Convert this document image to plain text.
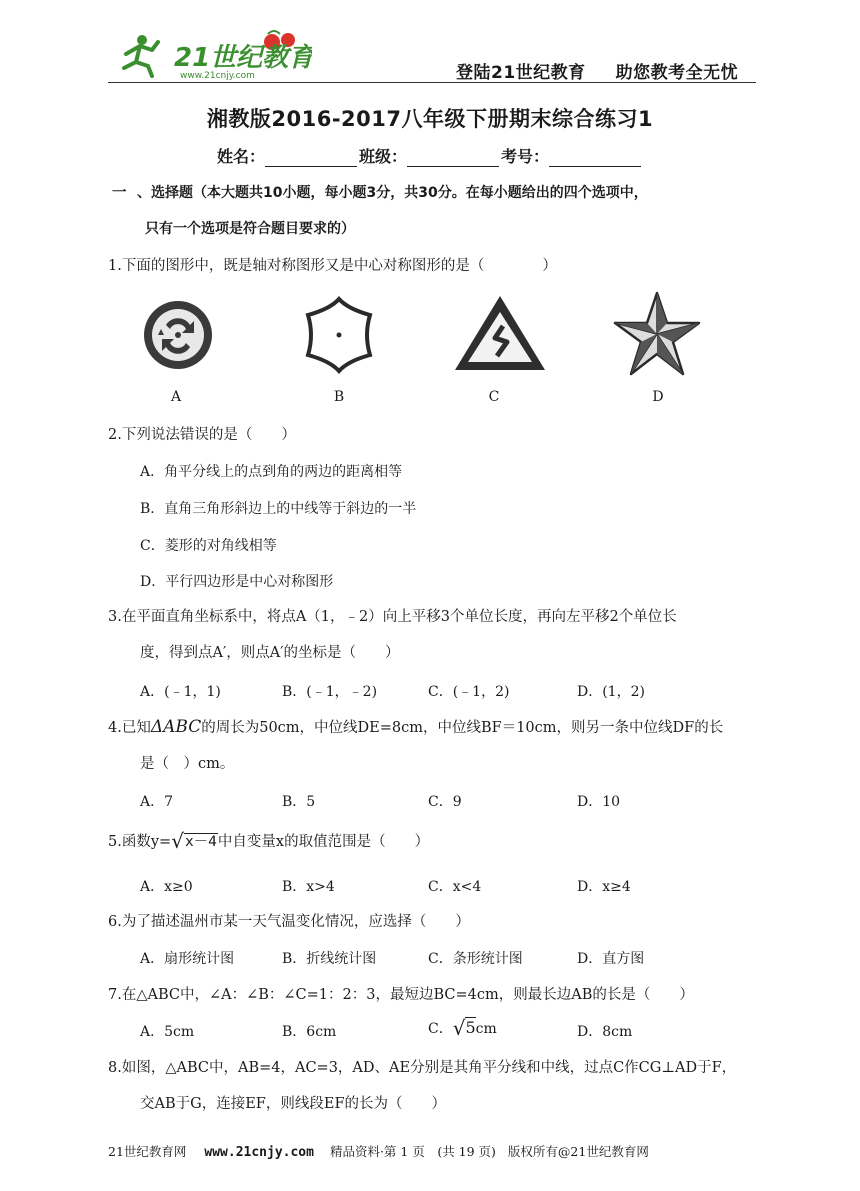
21世纪教育
www.21cnjy.com	登陆21世纪教育 助您教考全无忧
湘教版2016-2017八年级下册期末综合练习1
姓名：	班级：	考号：
一 、选择题（本大题共10小题，每小题3分，共30分。在每小题给出的四个选项中，
只有一个选项是符合题目要求的）
1.下面的图形中，既是轴对称图形又是中心对称图形的是（　　　　）
A	B	C	D
2.下列说法错误的是（　　）
A．角平分线上的点到角的两边的距离相等
B．直角三角形斜边上的中线等于斜边的一半
C．菱形的对角线相等
D．平行四边形是中心对称图形
3.在平面直角坐标系中，将点A（1，﹣2）向上平移3个单位长度，再向左平移2个单位长
度，得到点A′，则点A′的坐标是（　　）
A．(﹣1，1)	B．(﹣1，﹣2)	C．(﹣1，2)	D．(1，2)
4.已知ΔABC的周长为50cm，中位线DE=8cm，中位线BF＝10cm，则另一条中位线DF的长
是（　）cm。
A．7	B．5	C．9	D．10
5.函数y=√x－4中自变量x的取值范围是（　　）
A．x≥0	B．x>4	C．x<4	D．x≥4
6.为了描述温州市某一天气温变化情况，应选择（　　）
A．扇形统计图	B．折线统计图	C．条形统计图	D．直方图
7.在△ABC中，∠A：∠B：∠C=1：2：3，最短边BC=4cm，则最长边AB的长是（　　）
A．5cm	B．6cm	C．√5cm	D．8cm
8.如图，△ABC中，AB=4，AC=3，AD、AE分别是其角平分线和中线，过点C作CG⊥AD于F，
交AB于G，连接EF，则线段EF的长为（　　）
21世纪教育网 www.21cnjy.com 精品资料·第 1 页　(共 19 页) 版权所有@21世纪教育网
